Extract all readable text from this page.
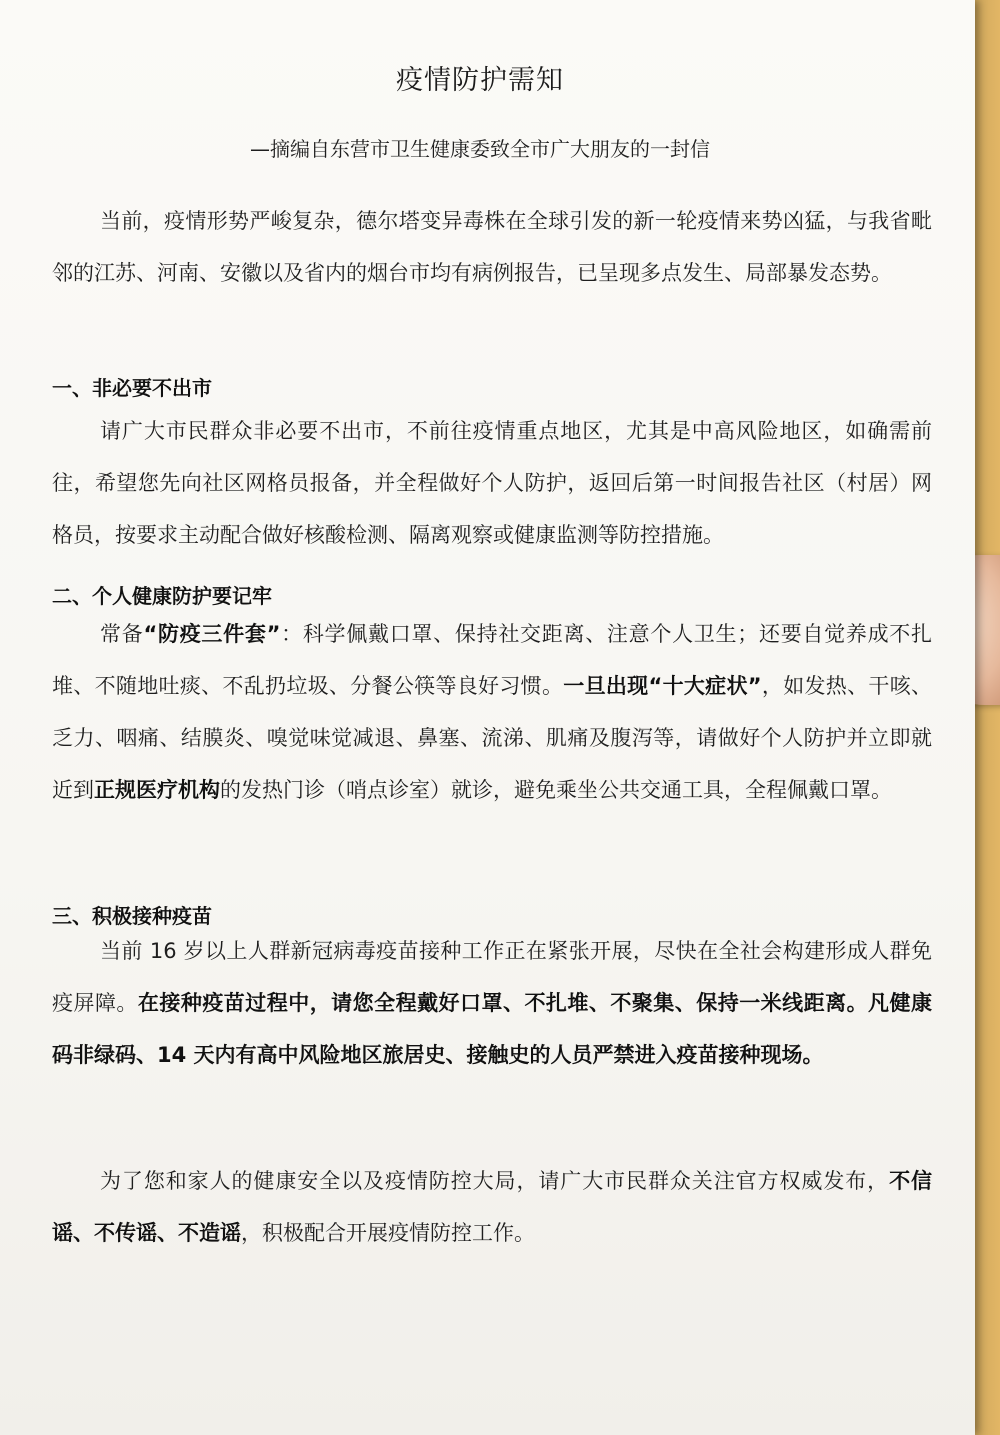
疫情防护需知
—摘编自东营市卫生健康委致全市广大朋友的一封信

当前，疫情形势严峻复杂，德尔塔变异毒株在全球引发的新一轮疫情来势凶猛，与我省毗邻的江苏、河南、安徽以及省内的烟台市均有病例报告，已呈现多点发生、局部暴发态势。

一、非必要不出市

请广大市民群众非必要不出市，不前往疫情重点地区，尤其是中高风险地区，如确需前往，希望您先向社区网格员报备，并全程做好个人防护，返回后第一时间报告社区（村居）网格员，按要求主动配合做好核酸检测、隔离观察或健康监测等防控措施。

二、个人健康防护要记牢

常备“防疫三件套”：科学佩戴口罩、保持社交距离、注意个人卫生；还要自觉养成不扎堆、不随地吐痰、不乱扔垃圾、分餐公筷等良好习惯。一旦出现“十大症状”，如发热、干咳、乏力、咽痛、结膜炎、嗅觉味觉减退、鼻塞、流涕、肌痛及腹泻等，请做好个人防护并立即就近到正规医疗机构的发热门诊（哨点诊室）就诊，避免乘坐公共交通工具，全程佩戴口罩。

三、积极接种疫苗

当前 16 岁以上人群新冠病毒疫苗接种工作正在紧张开展，尽快在全社会构建形成人群免疫屏障。在接种疫苗过程中，请您全程戴好口罩、不扎堆、不聚集、保持一米线距离。凡健康码非绿码、14 天内有高中风险地区旅居史、接触史的人员严禁进入疫苗接种现场。

为了您和家人的健康安全以及疫情防控大局，请广大市民群众关注官方权威发布，不信谣、不传谣、不造谣，积极配合开展疫情防控工作。
